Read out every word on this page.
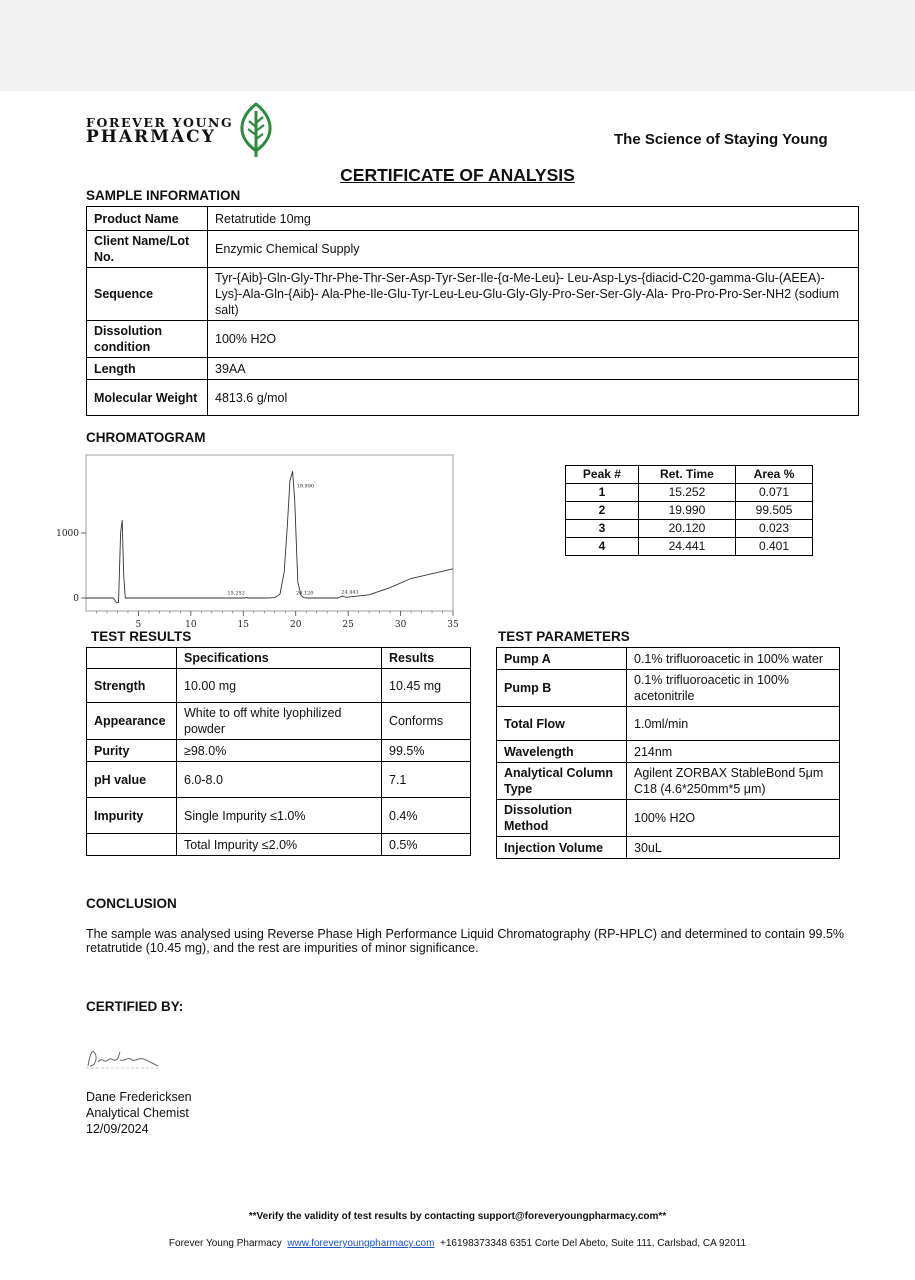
FOREVER YOUNG
PHARMACY	The Science of Staying Young
CERTIFICATE OF ANALYSIS
SAMPLE INFORMATION
Product Name	Retatrutide 10mg
Client Name/Lot No.	Enzymic Chemical Supply
Sequence	Tyr-{Aib}-Gln-Gly-Thr-Phe-Thr-Ser-Asp-Tyr-Ser-Ile-{α-Me-Leu}- Leu-Asp-Lys-{diacid-C20-gamma-Glu-(AEEA)-Lys}-Ala-Gln-{Aib}- Ala-Phe-Ile-Glu-Tyr-Leu-Leu-Glu-Gly-Gly-Pro-Ser-Ser-Gly-Ala- Pro-Pro-Pro-Ser-NH2 (sodium salt)
Dissolution condition	100% H2O
Length	39AA
Molecular Weight	4813.6 g/mol
CHROMATOGRAM
5	10	15	20	25	30	35
0
1000
19.990
15.252	20.120	24.441
Peak #	Ret. Time	Area %
1	15.252	0.071
2	19.990	99.505
3	20.120	0.023
4	24.441	0.401
TEST RESULTS
	Specifications	Results
Strength	10.00 mg	10.45 mg
Appearance	White to off white lyophilized powder	Conforms
Purity	≥98.0%	99.5%
pH value	6.0-8.0	7.1
Impurity	Single Impurity ≤1.0%	0.4%
	Total Impurity ≤2.0%	0.5%
TEST PARAMETERS
Pump A	0.1% trifluoroacetic in 100% water
Pump B	0.1% trifluoroacetic in 100% acetonitrile
Total Flow	1.0ml/min
Wavelength	214nm
Analytical Column Type	Agilent ZORBAX StableBond 5μm C18 (4.6*250mm*5 μm)
Dissolution Method	100% H2O
Injection Volume	30uL
CONCLUSION
The sample was analysed using Reverse Phase High Performance Liquid Chromatography (RP-HPLC) and determined to contain 99.5% retatrutide (10.45 mg), and the rest are impurities of minor significance.
CERTIFIED BY:
Dane Fredericksen
Analytical Chemist
12/09/2024
**Verify the validity of test results by contacting support@foreveryoungpharmacy.com**
Forever Young Pharmacy www.foreveryoungpharmacy.com +16198373348 6351 Corte Del Abeto, Suite 111, Carlsbad, CA 92011
